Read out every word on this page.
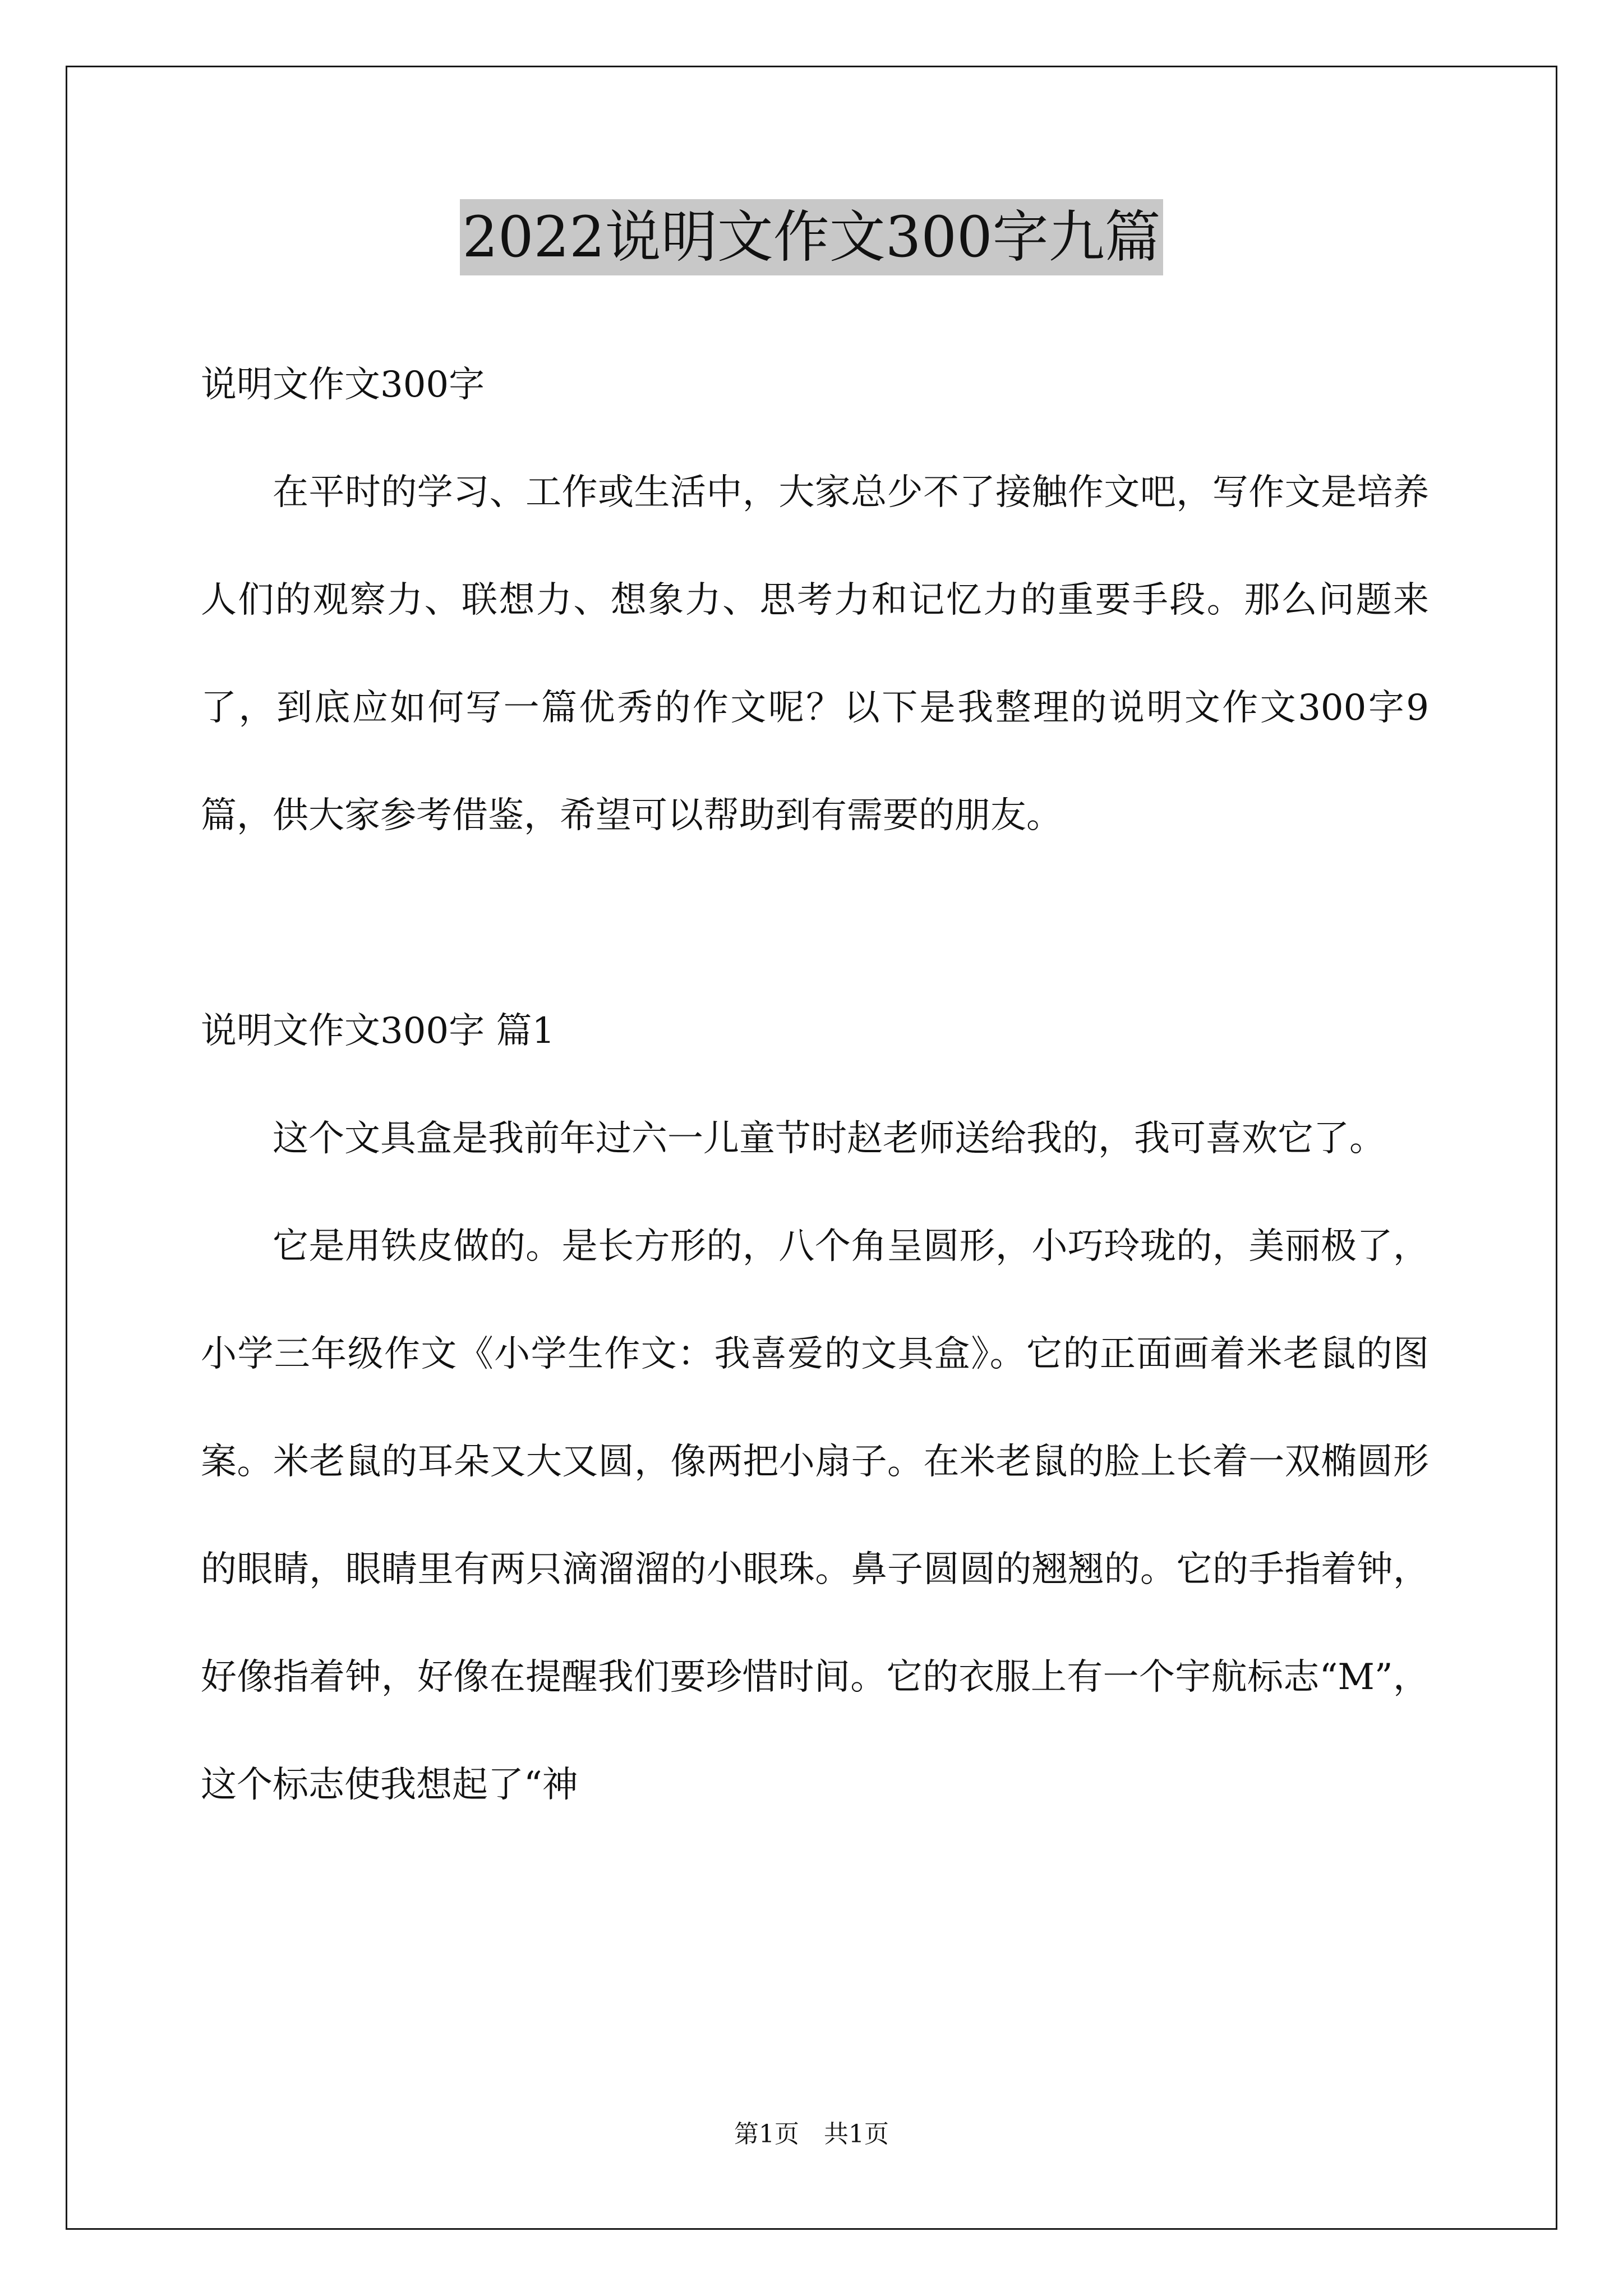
2022说明文作文300字九篇
说明文作文300字

在平时的学习、工作或生活中，大家总少不了接触作文吧，写作文是培养人们的观察力、联想力、想象力、思考力和记忆力的重要手段。那么问题来了，到底应如何写一篇优秀的作文呢？以下是我整理的说明文作文300字9篇，供大家参考借鉴，希望可以帮助到有需要的朋友。

说明文作文300字 篇1

这个文具盒是我前年过六一儿童节时赵老师送给我的，我可喜欢它了。

它是用铁皮做的。是长方形的，八个角呈圆形，小巧玲珑的，美丽极了，小学三年级作文《小学生作文：我喜爱的文具盒》。它的正面画着米老鼠的图案。米老鼠的耳朵又大又圆，像两把小扇子。在米老鼠的脸上长着一双椭圆形的眼睛，眼睛里有两只滴溜溜的小眼珠。鼻子圆圆的翘翘的。它的手指着钟，好像指着钟，好像在提醒我们要珍惜时间。它的衣服上有一个宇航标志“M”，这个标志使我想起了“神

第1页 共1页
